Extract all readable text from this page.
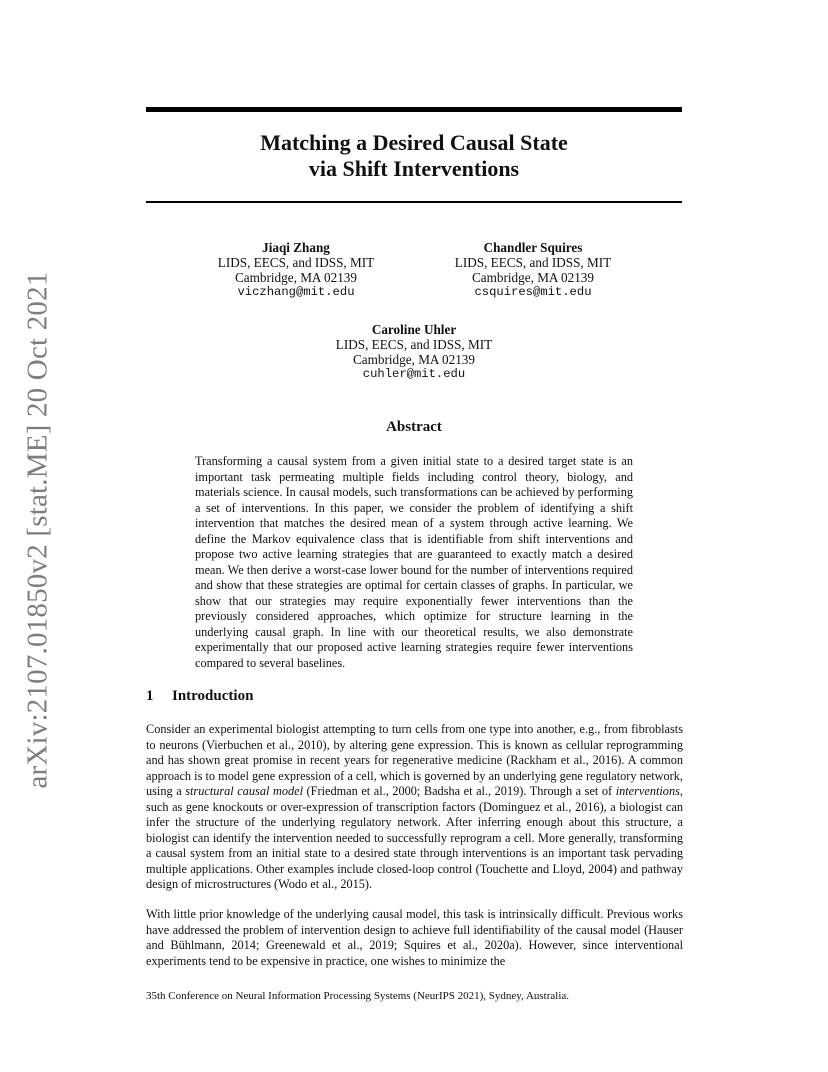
arXiv:2107.01850v2 [stat.ME] 20 Oct 2021
Matching a Desired Causal State
via Shift Interventions
Jiaqi Zhang
LIDS, EECS, and IDSS, MIT
Cambridge, MA 02139
viczhang@mit.edu
Chandler Squires
LIDS, EECS, and IDSS, MIT
Cambridge, MA 02139
csquires@mit.edu
Caroline Uhler
LIDS, EECS, and IDSS, MIT
Cambridge, MA 02139
cuhler@mit.edu
Abstract
Transforming a causal system from a given initial state to a desired target state is an important task permeating multiple fields including control theory, biology, and materials science. In causal models, such transformations can be achieved by performing a set of interventions. In this paper, we consider the problem of identifying a shift intervention that matches the desired mean of a system through active learning. We define the Markov equivalence class that is identifiable from shift interventions and propose two active learning strategies that are guaranteed to exactly match a desired mean. We then derive a worst-case lower bound for the number of interventions required and show that these strategies are optimal for certain classes of graphs. In particular, we show that our strategies may require exponentially fewer interventions than the previously considered approaches, which optimize for structure learning in the underlying causal graph. In line with our theoretical results, we also demonstrate experimentally that our proposed active learning strategies require fewer interventions compared to several baselines.
1 Introduction

Consider an experimental biologist attempting to turn cells from one type into another, e.g., from fibroblasts to neurons (Vierbuchen et al., 2010), by altering gene expression. This is known as cellular reprogramming and has shown great promise in recent years for regenerative medicine (Rackham et al., 2016). A common approach is to model gene expression of a cell, which is governed by an underlying gene regulatory network, using a structural causal model (Friedman et al., 2000; Badsha et al., 2019). Through a set of interventions, such as gene knockouts or over-expression of transcription factors (Dominguez et al., 2016), a biologist can infer the structure of the underlying regulatory network. After inferring enough about this structure, a biologist can identify the intervention needed to successfully reprogram a cell. More generally, transforming a causal system from an initial state to a desired state through interventions is an important task pervading multiple applications. Other examples include closed-loop control (Touchette and Lloyd, 2004) and pathway design of microstructures (Wodo et al., 2015).

With little prior knowledge of the underlying causal model, this task is intrinsically difficult. Previous works have addressed the problem of intervention design to achieve full identifiability of the causal model (Hauser and Bühlmann, 2014; Greenewald et al., 2019; Squires et al., 2020a). However, since interventional experiments tend to be expensive in practice, one wishes to minimize the

35th Conference on Neural Information Processing Systems (NeurIPS 2021), Sydney, Australia.
